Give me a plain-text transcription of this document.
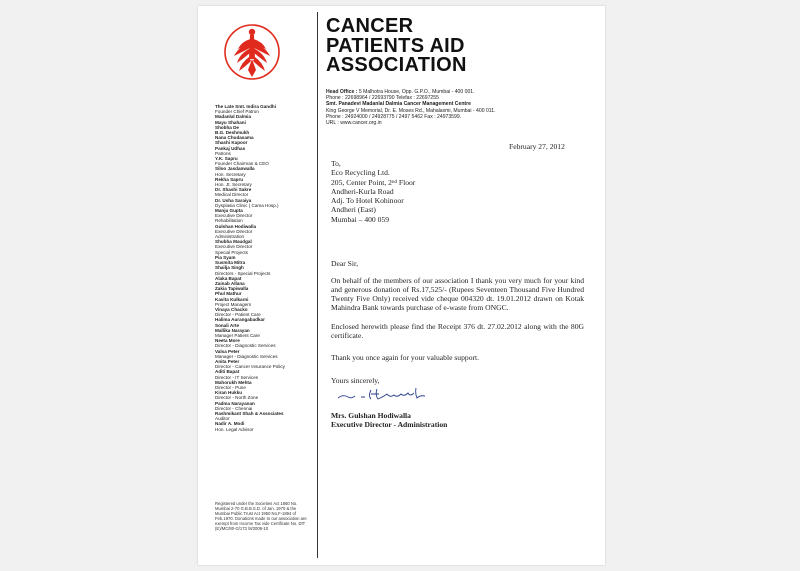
The Late Smt. Indira Gandhi
Founder Chief Patron
Madanlal Dalmia
Mayu Shahani
Shobha De
B.G. Deshmukh
Nana Chudasama
Shashi Kapoor
Pankaj Udhas
Patrons
Y.K. Sapru
Founder Chairman & CEO
Siloo Jasdanwalla
Hon. Secretary
Rekha Sapru
Hon. Jt. Secretary
Dr. Shashi Sakre
Medical Director
Dr. Usha Saraiya
Dysplasia Clinic ( Cama Hosp.)
Manju Gupta
Executive Director
Rehabilitation
Gulshan Hodiwalla
Executive Director
Administration
Shubha Maudgal
Executive Director
Special Projects
Pia Syam
Susmita Mitra
Shailja Singh
Directors - Special Projects
Alaka Bapat
Zainab Allana
Zakia Tapiwalla
Phul Mathur
Kavita Kulkarni
Project Managers
Vinaya Chacko
Director - Patient Care
Halima Aurangabadkar
Sonali Arte
Mallika Narayan
Manager Patient Care
Neeta More
Director - Diagnostic Services
Valsa Peter
Manager - Diagnostic Services
Anita Peter
Director - Cancer Insurance Policy
Aditi Bapat
Director - IT Services
Mahorukh Mehta
Director - Pune
Kiran Hukku
Director - North Zone
Padma Narayanan
Director - Chennai
Rashmikant Shah & Associates
Auditor
Nadir A. Modi
Hon. Legal Advisor
Registered under the Societies Act 1860 No. Mumbai 2-70 G.B.B.S.D. of Jan. 1970 & the Mumbai Public Trust Act 1950 No.F-1894 of Feb.1970. Donations made to our association are exempt from Income Tax vide Certificate No. DIT (E)/MC/80-G/173 /8/2009-10
CANCER
PATIENTS AID
ASSOCIATION
Head Office : 5 Malhotra House, Opp. G.P.O., Mumbai - 400 001.
Phone : 22698964 / 22693790 Telefax : 22697255
Smt. Panadevi Madanlal Dalmia Cancer Management Centre
King George V Memorial, Dr. E. Moses Rd., Mahalaxmi, Mumbai - 400 011.
Phone : 24924000 / 24928775 / 2497 5462 Fax : 24973599.
URL : www.cancer.org.in
February 27, 2012
To,
Eco Recycling Ltd.
205, Center Point, 2nd Floor
Andheri-Kurla Road
Adj. To Hotel Kohinoor
Andheri (East)
Mumbai – 400 059
Dear Sir,
On behalf of the members of our association I thank you very much for your kind and generous donation of Rs.17,525/- (Rupees Seventeen Thousand Five Hundred Twenty Five Only) received vide cheque 004320 dt. 19.01.2012 drawn on Kotak Mahindra Bank towards purchase of e-waste from ONGC.
Enclosed herewith please find the Receipt 376 dt. 27.02.2012 along with the 80G certificate.
Thank you once again for your valuable support.
Yours sincerely,
Mrs. Gulshan Hodiwalla
Executive Director - Administration
